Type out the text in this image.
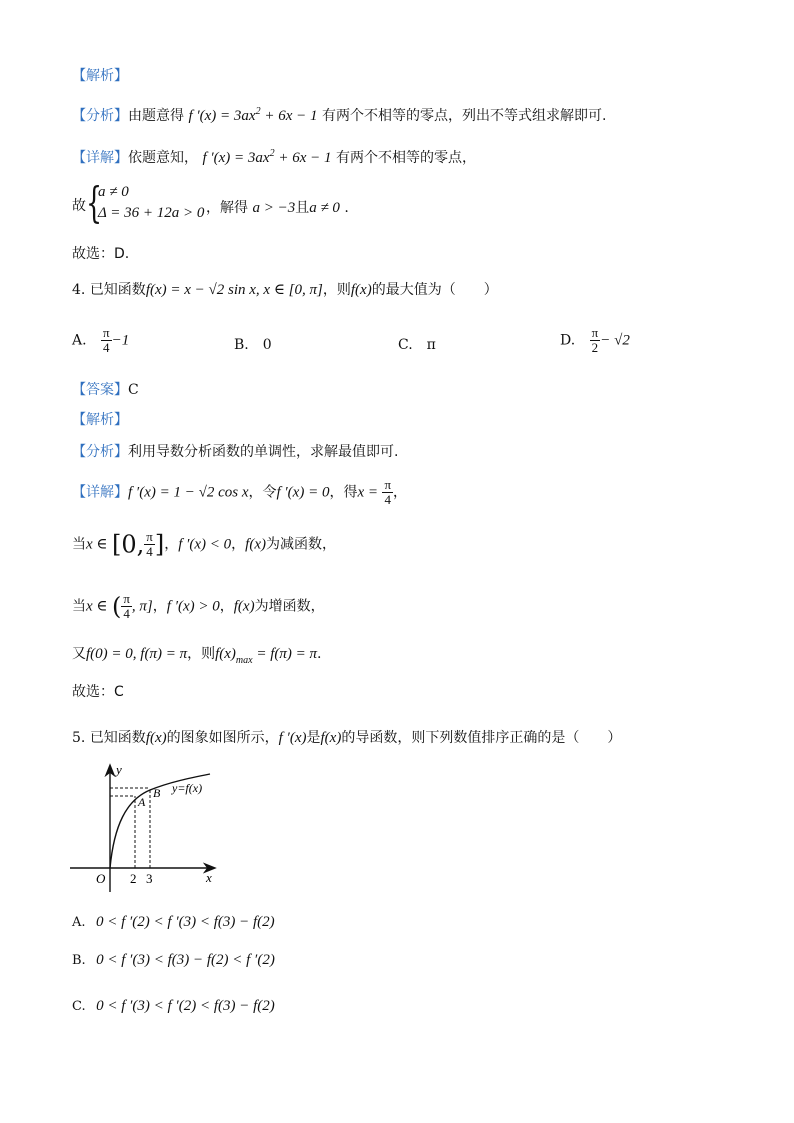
【解析】
【分析】由题意得 f $'(x) = 3ax^2 + 6x - 1$ 有两个不相等的零点，列出不等式组求解即可.
【详解】依题意知， f $'(x) = 3ax^2 + 6x - 1$ 有两个不相等的零点，
故 {
a ≠ 0
Δ = 36 + 12a > 0 ，解得 a > −3且a ≠ 0 .
故选：D.
4. 已知函数f(x) = x − √2 sin x, x ∈ [0, π]，则f(x)的最大值为（　　）
A. $\frac{\pi}{4} -1$	B.　0	C.　π	D. $\frac{\pi}{2} - √2$
【答案】C
【解析】
【分析】利用导数分析函数的单调性，求解最值即可.
【详解】f ′(x) = 1 − √2 cos x，令f ′(x) = 0，得$x = \frac{\pi}{4}$ ，
当x ∈ [0, $\frac{\pi}{4}$ ]，f ′(x) < 0，f(x)为减函数，
当x ∈ ( $\frac{\pi}{4}$ , π]，f ′(x) > 0，f(x)为增函数，
又f(0) = 0, f(π) = π，则$f(x)_{max} = f(\pi) = \pi$.
故选：C
5. 已知函数f(x)的图象如图所示，f ′(x)是f(x)的导函数，则下列数值排序正确的是（　　）
y
x
O 2 3
A
B y=f(x)
A. 0 < f ′(2) < f ′(3) < f(3) − f(2)
B. 0 < f ′(3) < f(3) − f(2) < f ′(2)
C. 0 < f ′(3) < f ′(2) < f(3) − f(2)
